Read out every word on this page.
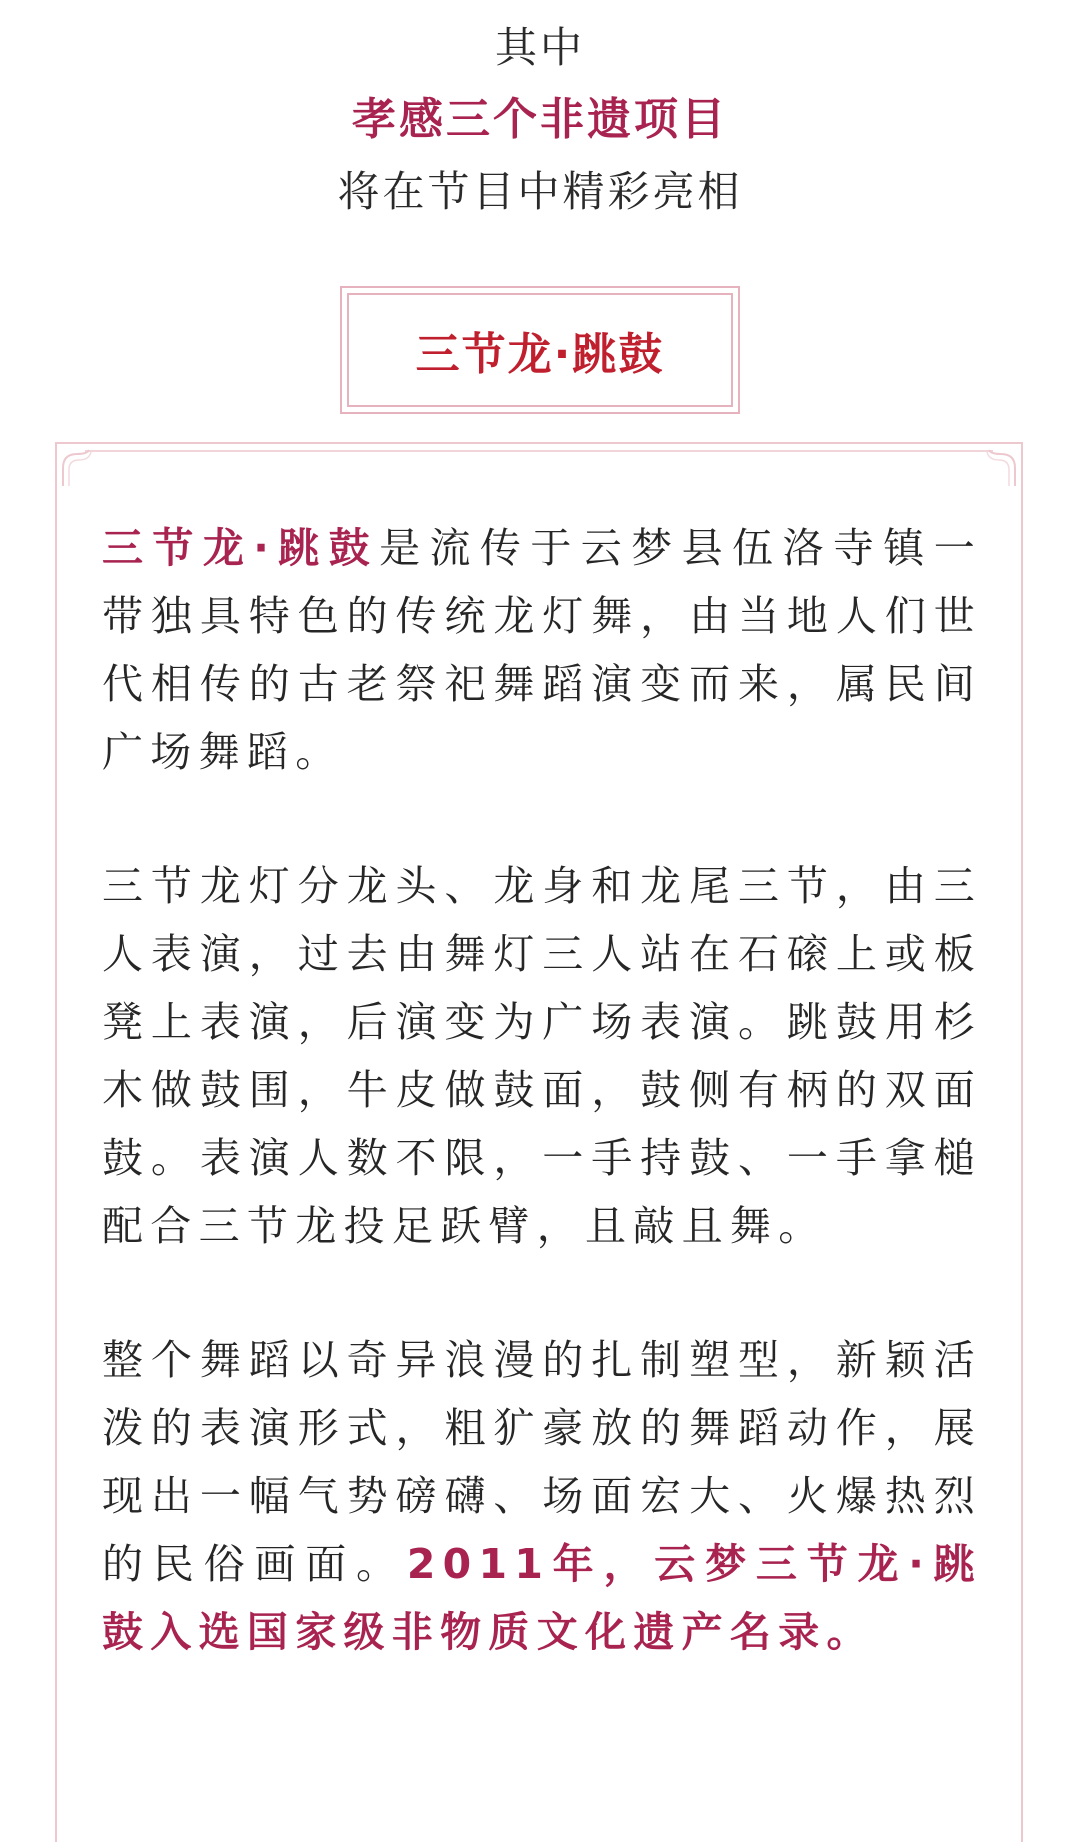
其中
孝感三个非遗项目
将在节目中精彩亮相
三节龙·跳鼓

三节龙·跳鼓是流传于云梦县伍洛寺镇一带独具特色的传统龙灯舞，由当地人们世代相传的古老祭祀舞蹈演变而来，属民间广场舞蹈。

三节龙灯分龙头、龙身和龙尾三节，由三人表演，过去由舞灯三人站在石磙上或板凳上表演，后演变为广场表演。跳鼓用杉木做鼓围，牛皮做鼓面，鼓侧有柄的双面鼓。表演人数不限，一手持鼓、一手拿槌配合三节龙投足跃臂，且敲且舞。

整个舞蹈以奇异浪漫的扎制塑型，新颖活泼的表演形式，粗犷豪放的舞蹈动作，展现出一幅气势磅礴、场面宏大、火爆热烈的民俗画面。2011年，云梦三节龙·跳鼓入选国家级非物质文化遗产名录。
